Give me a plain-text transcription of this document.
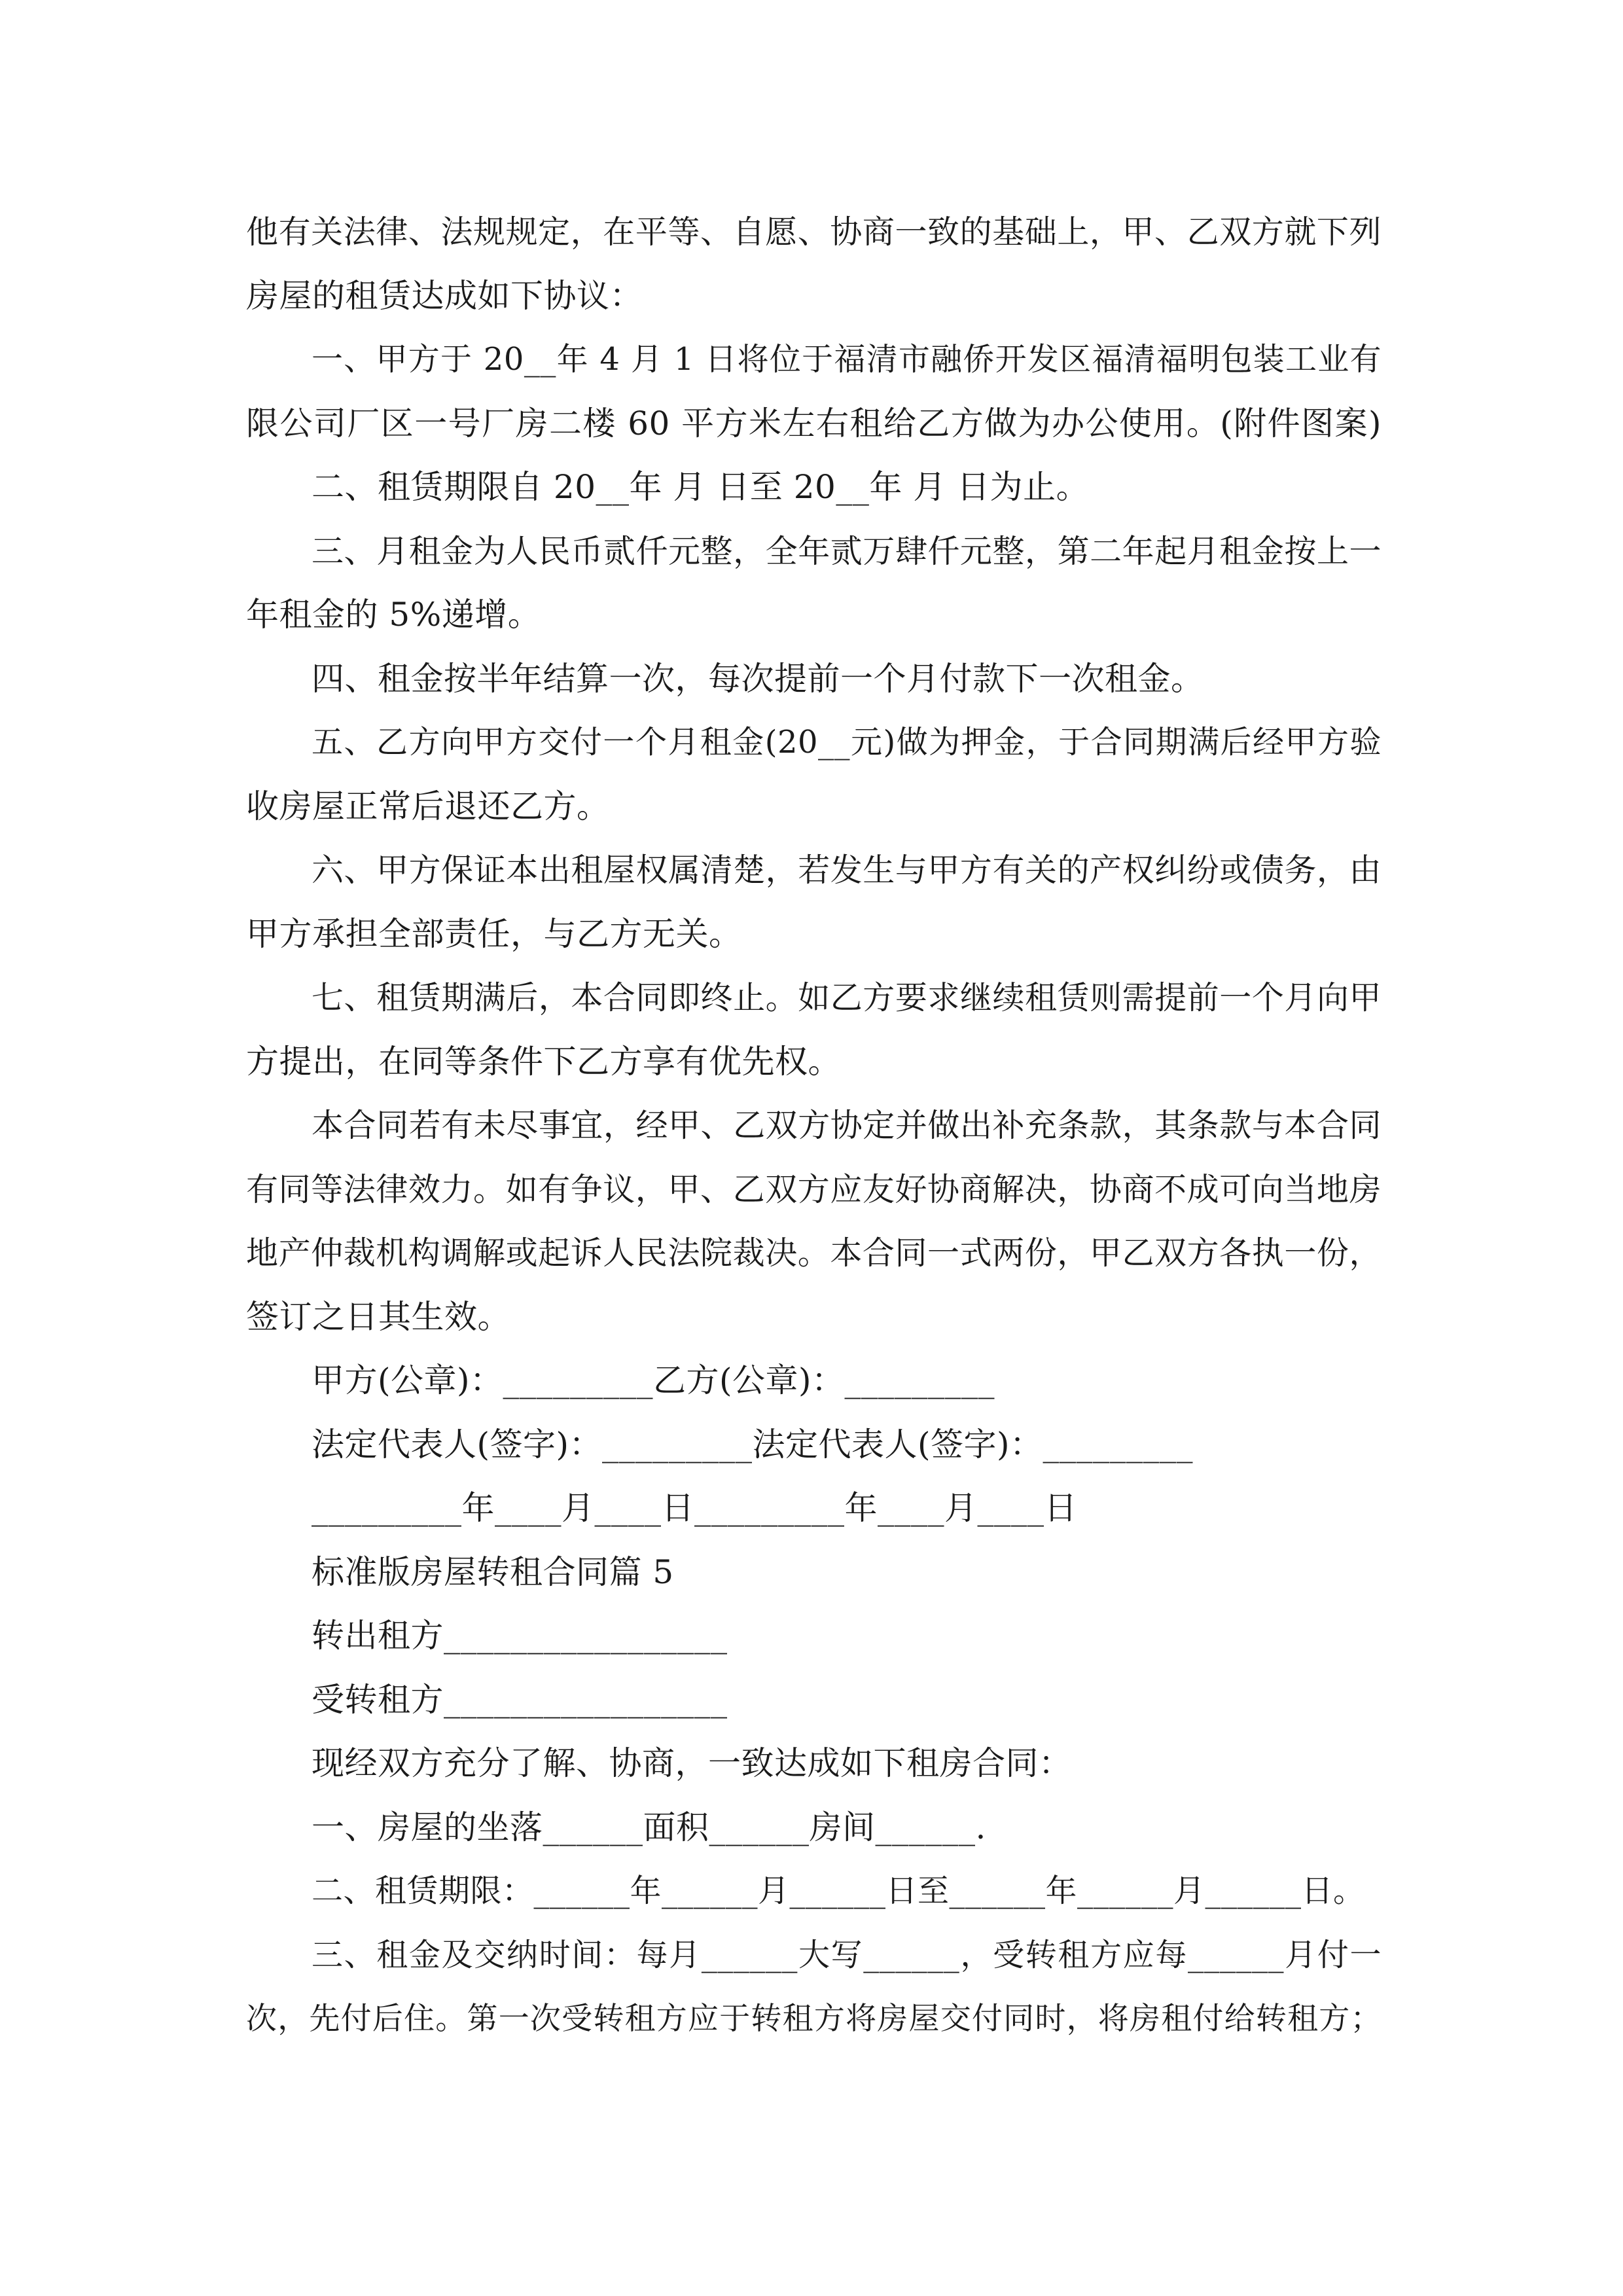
他有关法律、法规规定，在平等、自愿、协商一致的基础上，甲、乙双方就下列
房屋的租赁达成如下协议：
一、甲方于 20__年 4 月 1 日将位于福清市融侨开发区福清福明包装工业有
限公司厂区一号厂房二楼 60 平方米左右租给乙方做为办公使用。(附件图案)
二、租赁期限自 20__年 月 日至 20__年 月 日为止。
三、月租金为人民币贰仟元整，全年贰万肆仟元整，第二年起月租金按上一
年租金的 5%递增。
四、租金按半年结算一次，每次提前一个月付款下一次租金。
五、乙方向甲方交付一个月租金(20__元)做为押金，于合同期满后经甲方验
收房屋正常后退还乙方。
六、甲方保证本出租屋权属清楚，若发生与甲方有关的产权纠纷或债务，由
甲方承担全部责任，与乙方无关。
七、租赁期满后，本合同即终止。如乙方要求继续租赁则需提前一个月向甲
方提出，在同等条件下乙方享有优先权。
本合同若有未尽事宜，经甲、乙双方协定并做出补充条款，其条款与本合同
有同等法律效力。如有争议，甲、乙双方应友好协商解决，协商不成可向当地房
地产仲裁机构调解或起诉人民法院裁决。本合同一式两份，甲乙双方各执一份，
签订之日其生效。
甲方(公章)：_________乙方(公章)：_________
法定代表人(签字)：_________法定代表人(签字)：_________
_________年____月____日_________年____月____日
标准版房屋转租合同篇 5
转出租方_________________
受转租方_________________
现经双方充分了解、协商，一致达成如下租房合同：
一、房屋的坐落______面积______房间______.
二、租赁期限：______年______月______日至______年______月______日。
三、租金及交纳时间：每月______大写______，受转租方应每______月付一
次，先付后住。第一次受转租方应于转租方将房屋交付同时，将房租付给转租方；
